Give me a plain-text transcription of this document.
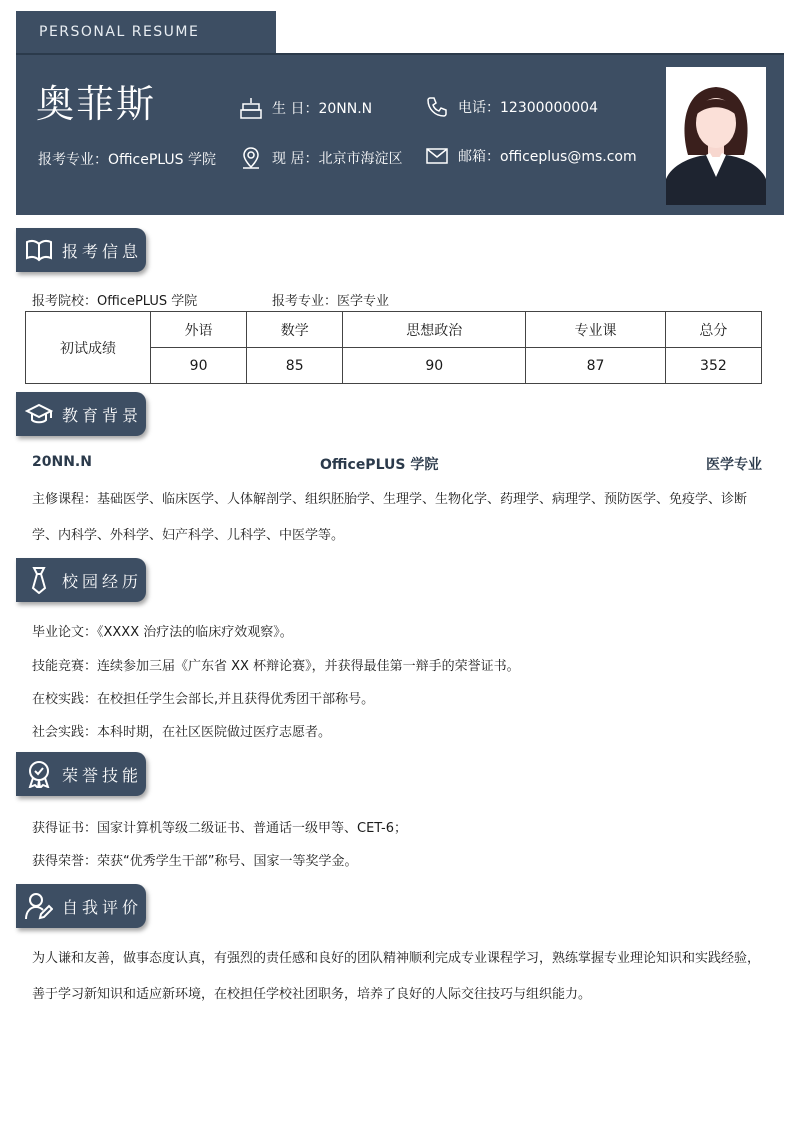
PERSONAL RESUME
奥菲斯
报考专业：OfficePLUS 学院
生 日：20NN.N
现 居：北京市海淀区
电话：12300000004
邮箱：officeplus@ms.com
报考信息
报考院校：OfficePLUS 学院	报考专业：医学专业
初试成绩	外语	数学	思想政治	专业课	总分
	90	85	90	87	352
教育背景
20NN.N	OfficePLUS 学院	医学专业
主修课程：基础医学、临床医学、人体解剖学、组织胚胎学、生理学、生物化学、药理学、病理学、预防医学、免疫学、诊断学、内科学、外科学、妇产科学、儿科学、中医学等。
校园经历
毕业论文：《XXXX 治疗法的临床疗效观察》。
技能竞赛：连续参加三届《广东省 XX 杯辩论赛》，并获得最佳第一辩手的荣誉证书。
在校实践：在校担任学生会部长,并且获得优秀团干部称号。
社会实践：本科时期，在社区医院做过医疗志愿者。
荣誉技能
获得证书：国家计算机等级二级证书、普通话一级甲等、CET-6；
获得荣誉：荣获“优秀学生干部”称号、国家一等奖学金。
自我评价
为人谦和友善，做事态度认真，有强烈的责任感和良好的团队精神顺利完成专业课程学习，熟练掌握专业理论知识和实践经验，善于学习新知识和适应新环境，在校担任学校社团职务，培养了良好的人际交往技巧与组织能力。
